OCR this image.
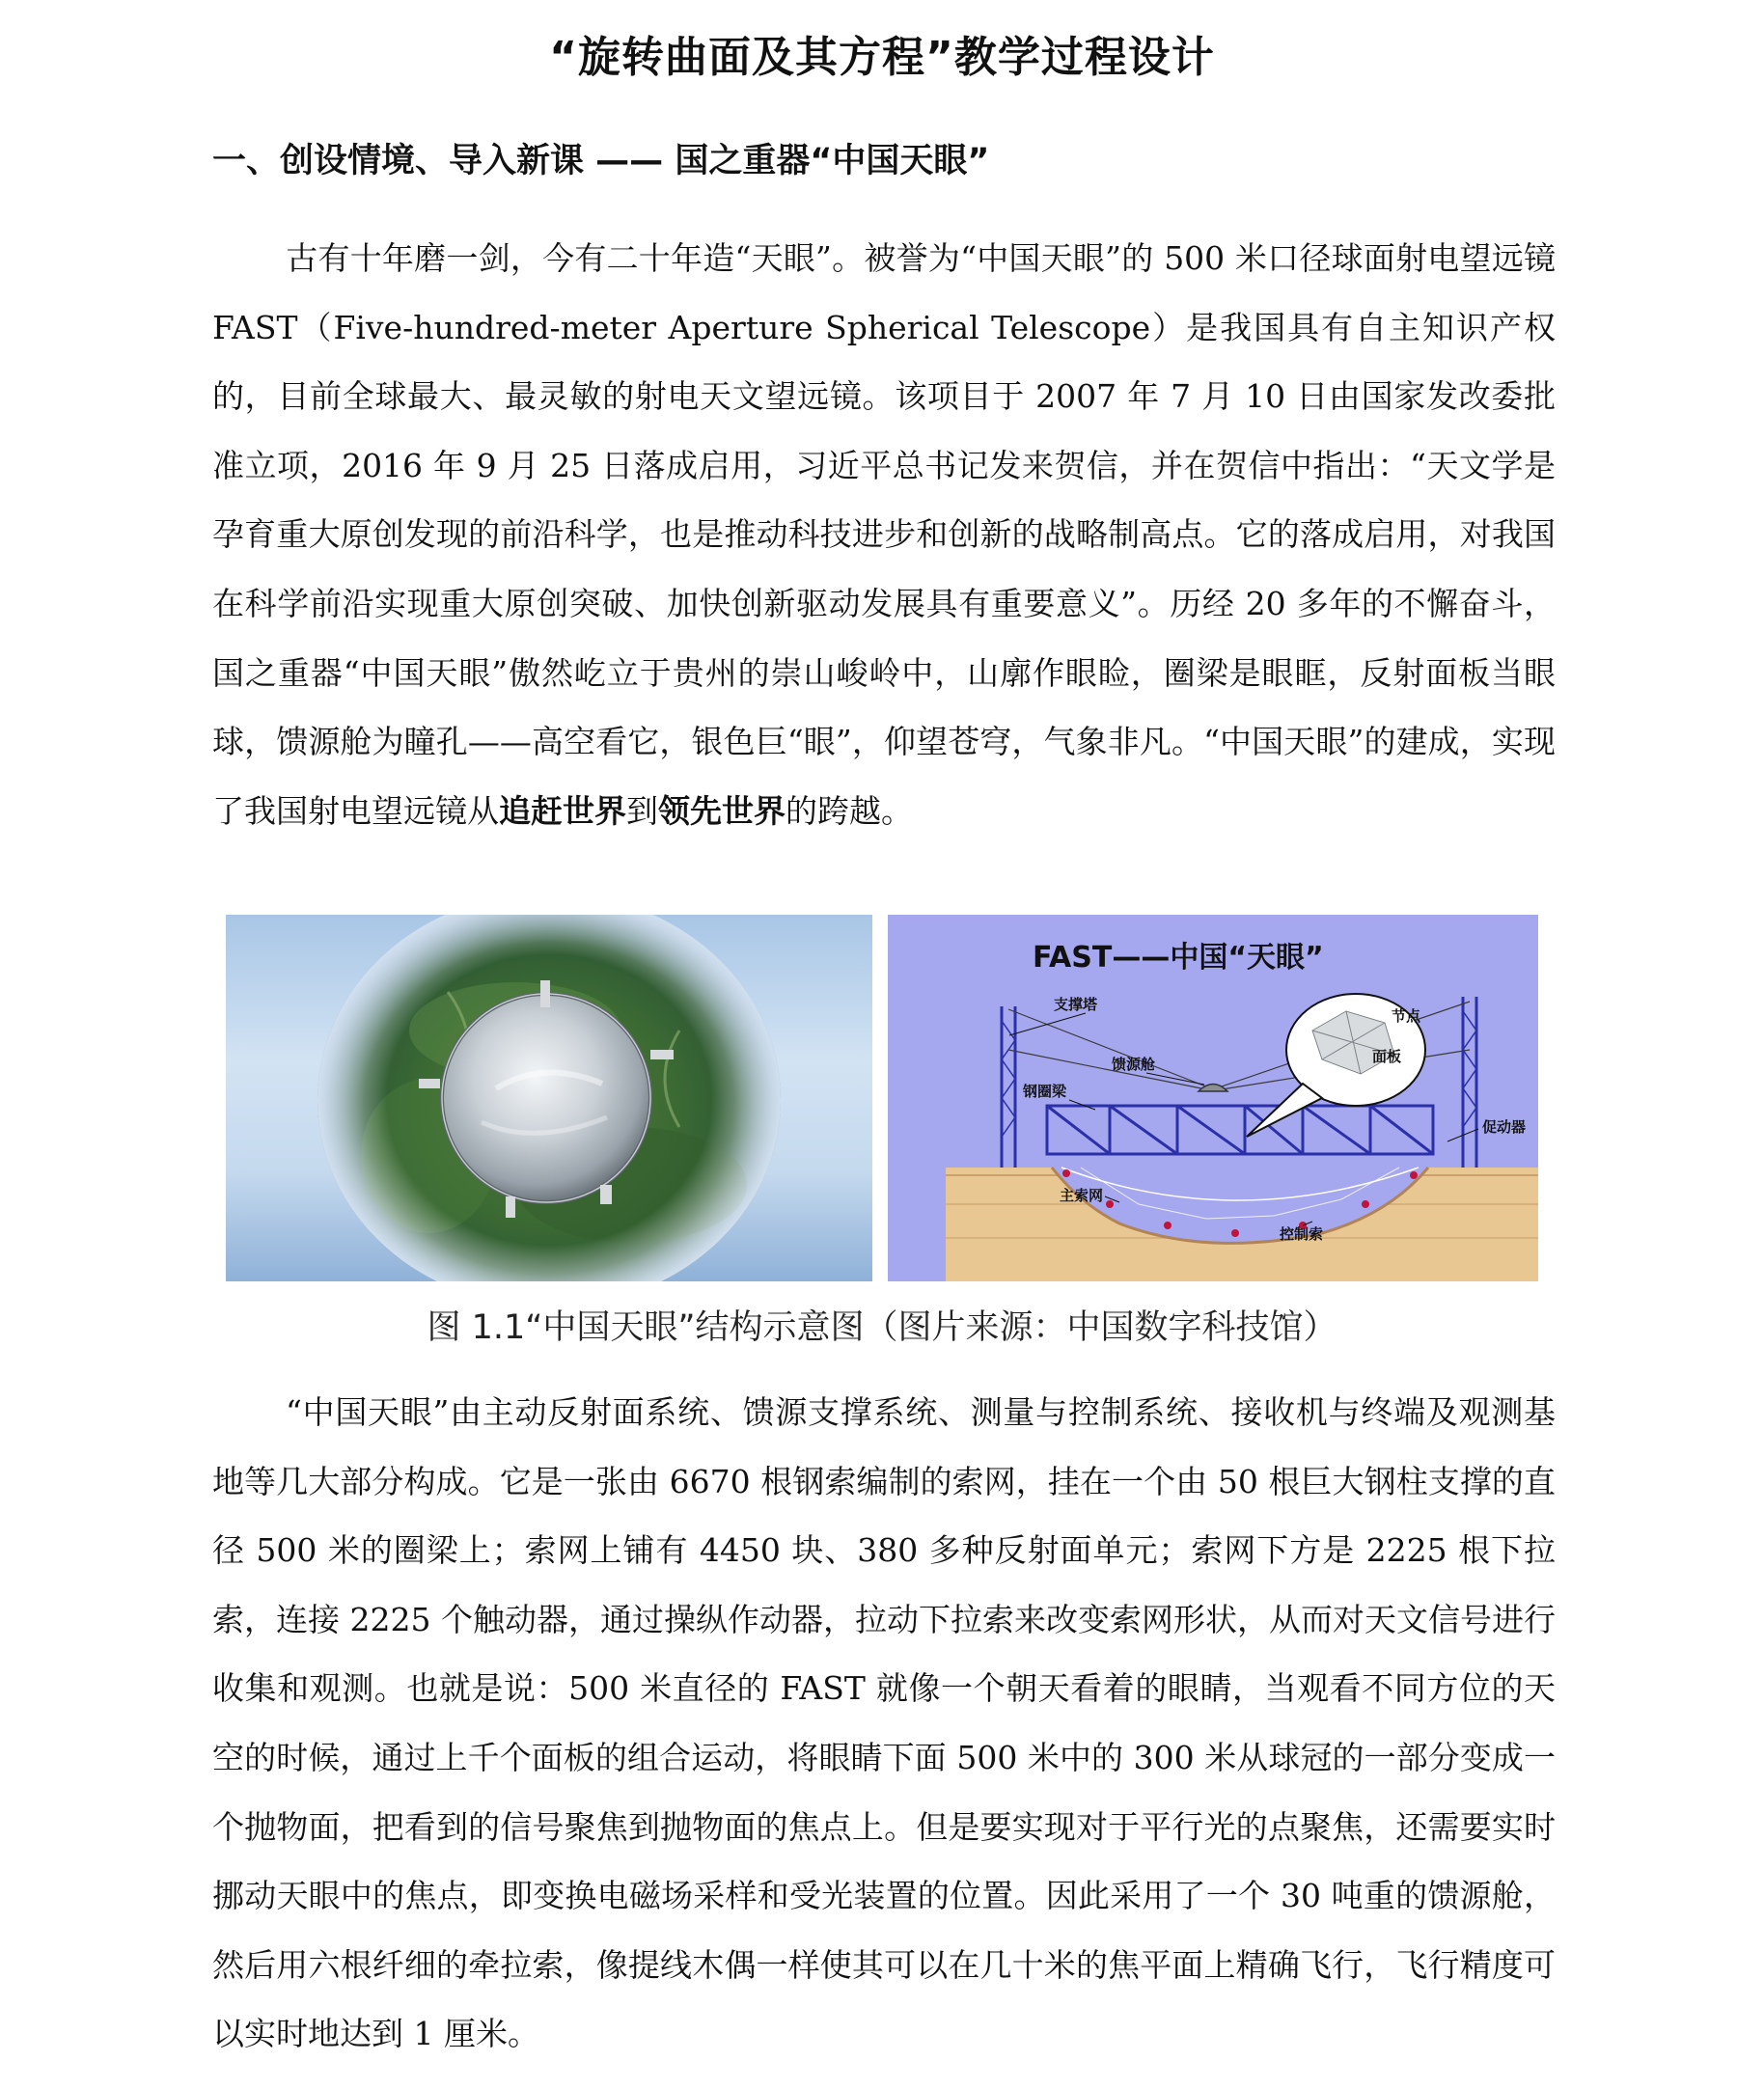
“旋转曲面及其方程”教学过程设计
一、创设情境、导入新课 —— 国之重器“中国天眼”

古有十年磨一剑，今有二十年造“天眼”。被誉为“中国天眼”的 500 米口径球面射电望远镜 FAST（Five-hundred-meter Aperture Spherical Telescope）是我国具有自主知识产权的，目前全球最大、最灵敏的射电天文望远镜。该项目于 2007 年 7 月 10 日由国家发改委批准立项，2016 年 9 月 25 日落成启用，习近平总书记发来贺信，并在贺信中指出：“天文学是孕育重大原创发现的前沿科学，也是推动科技进步和创新的战略制高点。它的落成启用，对我国在科学前沿实现重大原创突破、加快创新驱动发展具有重要意义”。历经 20 多年的不懈奋斗，国之重器“中国天眼”傲然屹立于贵州的崇山峻岭中，山廓作眼睑，圈梁是眼眶，反射面板当眼球，馈源舱为瞳孔——高空看它，银色巨“眼”，仰望苍穹，气象非凡。“中国天眼”的建成，实现了我国射电望远镜从追赶世界到领先世界的跨越。

FAST——中国“天眼”
支撑塔
馈源舱
钢圈梁
节点
面板
促动器
主索网
控制索
图 1.1“中国天眼”结构示意图（图片来源：中国数字科技馆）

“中国天眼”由主动反射面系统、馈源支撑系统、测量与控制系统、接收机与终端及观测基地等几大部分构成。它是一张由 6670 根钢索编制的索网，挂在一个由 50 根巨大钢柱支撑的直径 500 米的圈梁上；索网上铺有 4450 块、380 多种反射面单元；索网下方是 2225 根下拉索，连接 2225 个触动器，通过操纵作动器，拉动下拉索来改变索网形状，从而对天文信号进行收集和观测。也就是说：500 米直径的 FAST 就像一个朝天看着的眼睛，当观看不同方位的天空的时候，通过上千个面板的组合运动，将眼睛下面 500 米中的 300 米从球冠的一部分变成一个抛物面，把看到的信号聚焦到抛物面的焦点上。但是要实现对于平行光的点聚焦，还需要实时挪动天眼中的焦点，即变换电磁场采样和受光装置的位置。因此采用了一个 30 吨重的馈源舱，然后用六根纤细的牵拉索，像提线木偶一样使其可以在几十米的焦平面上精确飞行，飞行精度可以实时地达到 1 厘米。
